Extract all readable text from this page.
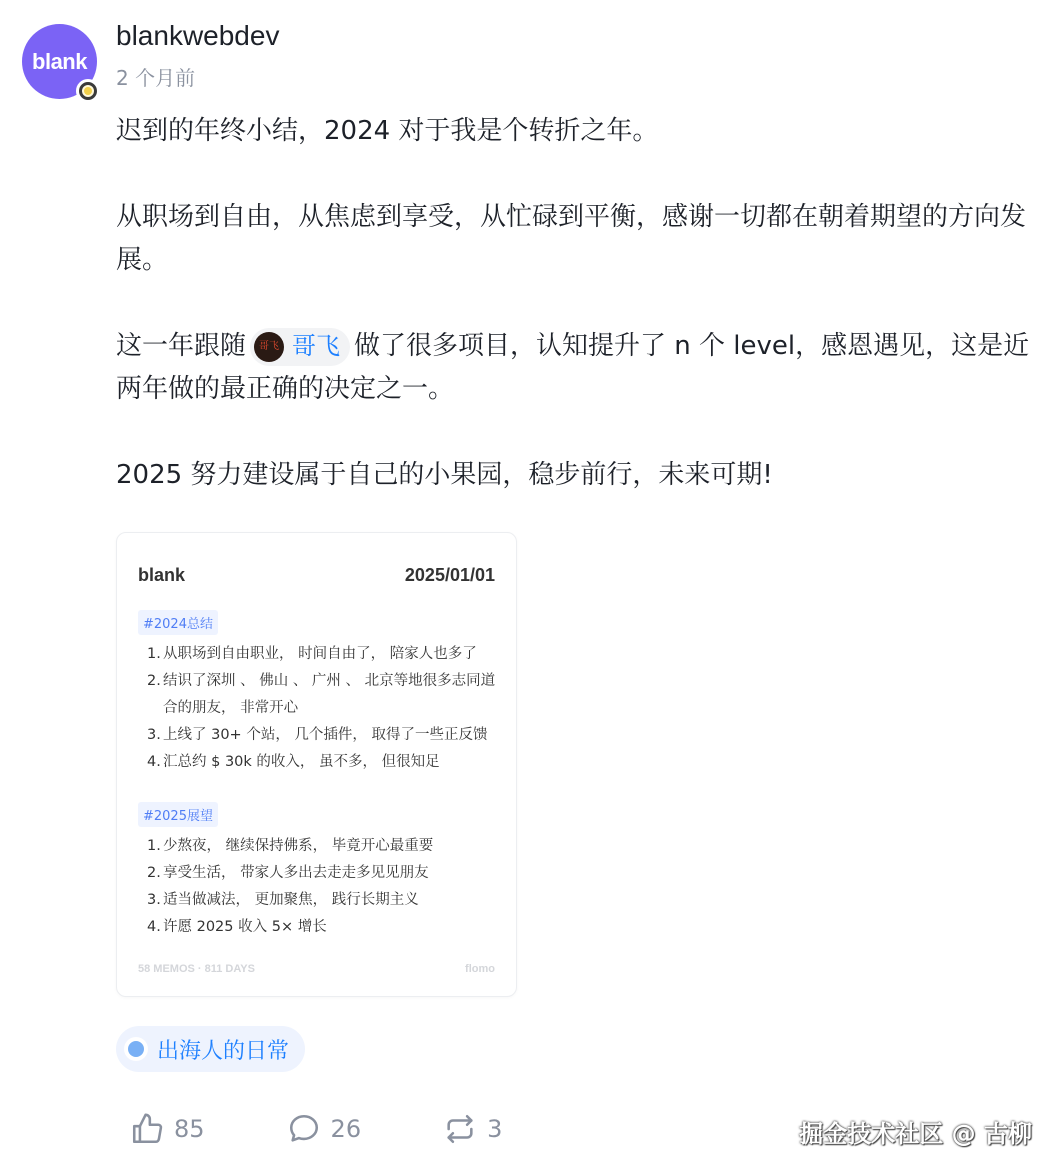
blank
blankwebdev
2 个月前

迟到的年终小结，2024 对于我是个转折之年。

从职场到自由，从焦虑到享受，从忙碌到平衡，感谢一切都在朝着期望的方向发展。

这一年跟随	哥飞 哥飞 做了很多项目，认知提升了 n 个 level，感恩遇见，这是近两年做的最正确的决定之一。

2025 努力建设属于自己的小果园，稳步前行，未来可期!

blank	2025/01/01
#2024总结
1. 从职场到自由职业， 时间自由了， 陪家人也多了
2. 结识了深圳 、 佛山 、 广州 、 北京等地很多志同道合的朋友， 非常开心
3. 上线了 30+ 个站， 几个插件， 取得了一些正反馈
4. 汇总约 $ 30k 的收入， 虽不多， 但很知足
#2025展望
1. 少熬夜， 继续保持佛系， 毕竟开心最重要
2. 享受生活， 带家人多出去走走多见见朋友
3. 适当做减法， 更加聚焦， 践行长期主义
4. 许愿 2025 收入 5× 增长
58 MEMOS · 811 DAYS	flomo
出海人的日常
85	26	3	掘金技术社区 @ 古柳
